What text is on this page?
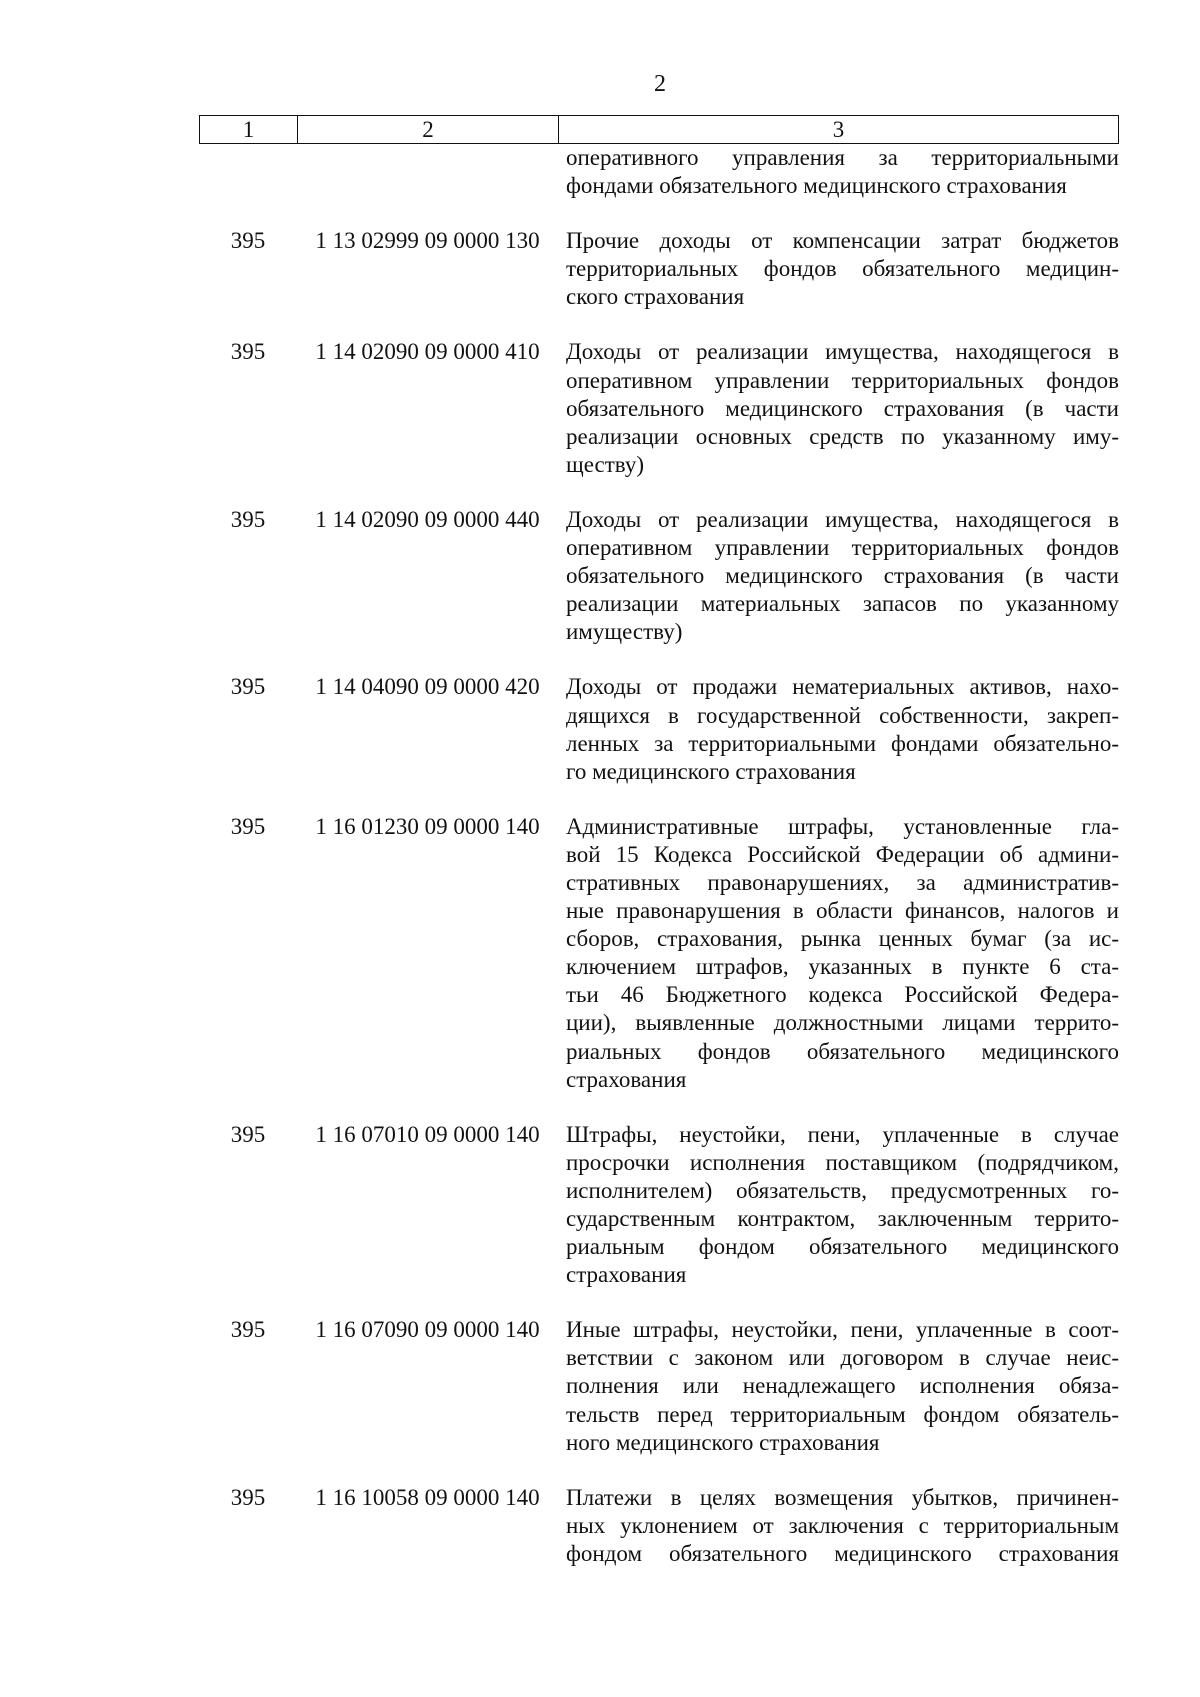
2
1	2	3
оперативного управления за территориальными
фондами обязательного медицинского страхования
395	1 13 02999 09 0000 130	Прочие доходы от компенсации затрат бюджетов
территориальных фондов обязательного медицин-
ского страхования
395	1 14 02090 09 0000 410	Доходы от реализации имущества, находящегося в
оперативном управлении территориальных фондов
обязательного медицинского страхования (в части
реализации основных средств по указанному иму-
ществу)
395	1 14 02090 09 0000 440	Доходы от реализации имущества, находящегося в
оперативном управлении территориальных фондов
обязательного медицинского страхования (в части
реализации материальных запасов по указанному
имуществу)
395	1 14 04090 09 0000 420	Доходы от продажи нематериальных активов, нахо-
дящихся в государственной собственности, закреп-
ленных за территориальными фондами обязательно-
го медицинского страхования
395	1 16 01230 09 0000 140	Административные штрафы, установленные гла-
вой 15 Кодекса Российской Федерации об админи-
стративных правонарушениях, за административ-
ные правонарушения в области финансов, налогов и
сборов, страхования, рынка ценных бумаг (за ис-
ключением штрафов, указанных в пункте 6 ста-
тьи 46 Бюджетного кодекса Российской Федера-
ции), выявленные должностными лицами террито-
риальных фондов обязательного медицинского
страхования
395	1 16 07010 09 0000 140	Штрафы, неустойки, пени, уплаченные в случае
просрочки исполнения поставщиком (подрядчиком,
исполнителем) обязательств, предусмотренных го-
сударственным контрактом, заключенным террито-
риальным фондом обязательного медицинского
страхования
395	1 16 07090 09 0000 140	Иные штрафы, неустойки, пени, уплаченные в соот-
ветствии с законом или договором в случае неис-
полнения или ненадлежащего исполнения обяза-
тельств перед территориальным фондом обязатель-
ного медицинского страхования
395	1 16 10058 09 0000 140	Платежи в целях возмещения убытков, причинен-
ных уклонением от заключения с территориальным
фондом обязательного медицинского страхования
